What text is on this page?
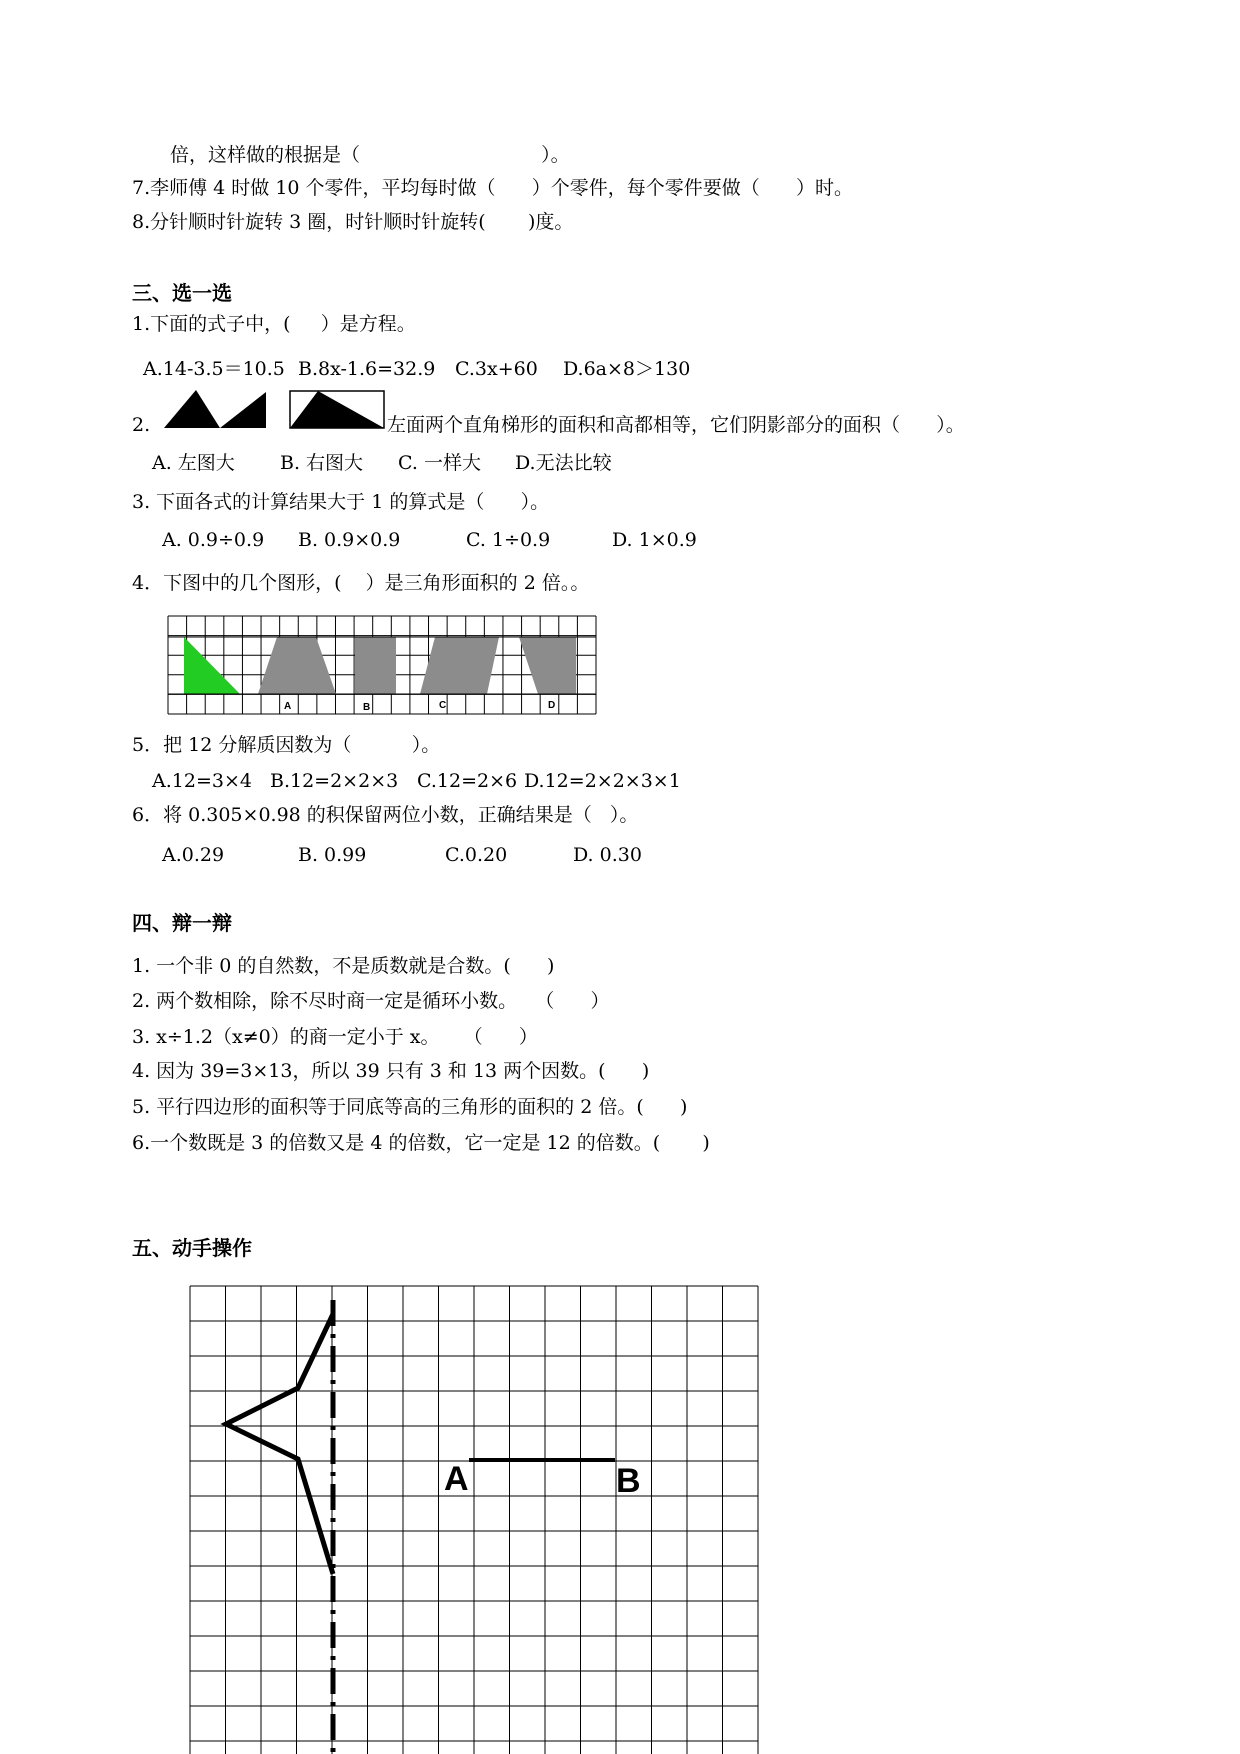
倍，这样做的根据是（                              ）。
7.李师傅 4 时做 10 个零件，平均每时做（      ）个零件，每个零件要做（      ）时。
8.分针顺时针旋转 3 圈，时针顺时针旋转(       )度。
三、选一选
1.下面的式子中，(     ）是方程。
A.14-3.5＝10.5 B.8x-1.6=32.9 C.3x+60 D.6a×8＞130
2.	左面两个直角梯形的面积和高都相等，它们阴影部分的面积（      ）。
A. 左图大 B. 右图大 C. 一样大 D.无法比较
3. 下面各式的计算结果大于 1 的算式是（      ）。
A. 0.9÷0.9 B. 0.9×0.9	C. 1÷0.9	D. 1×0.9
4．下图中的几个图形，(    ）是三角形面积的 2 倍。。
A	B	C	D
5．把 12 分解质因数为（          ）。
A.12=3×4 B.12=2×2×3 C.12=2×6 D.12=2×2×3×1
6．将 0.305×0.98 的积保留两位小数，正确结果是（   ）。
A.0.29	B. 0.99	C.0.20	D. 0.30
四、辩一辩
1. 一个非 0 的自然数，不是质数就是合数。(      )
2. 两个数相除，除不尽时商一定是循环小数。   （      ）
3. x÷1.2（x≠0）的商一定小于 x。    （      ）
4. 因为 39=3×13，所以 39 只有 3 和 13 两个因数。(      )
5. 平行四边形的面积等于同底等高的三角形的面积的 2 倍。(      )
6.一个数既是 3 的倍数又是 4 的倍数，它一定是 12 的倍数。(       )
五、动手操作
A	B
